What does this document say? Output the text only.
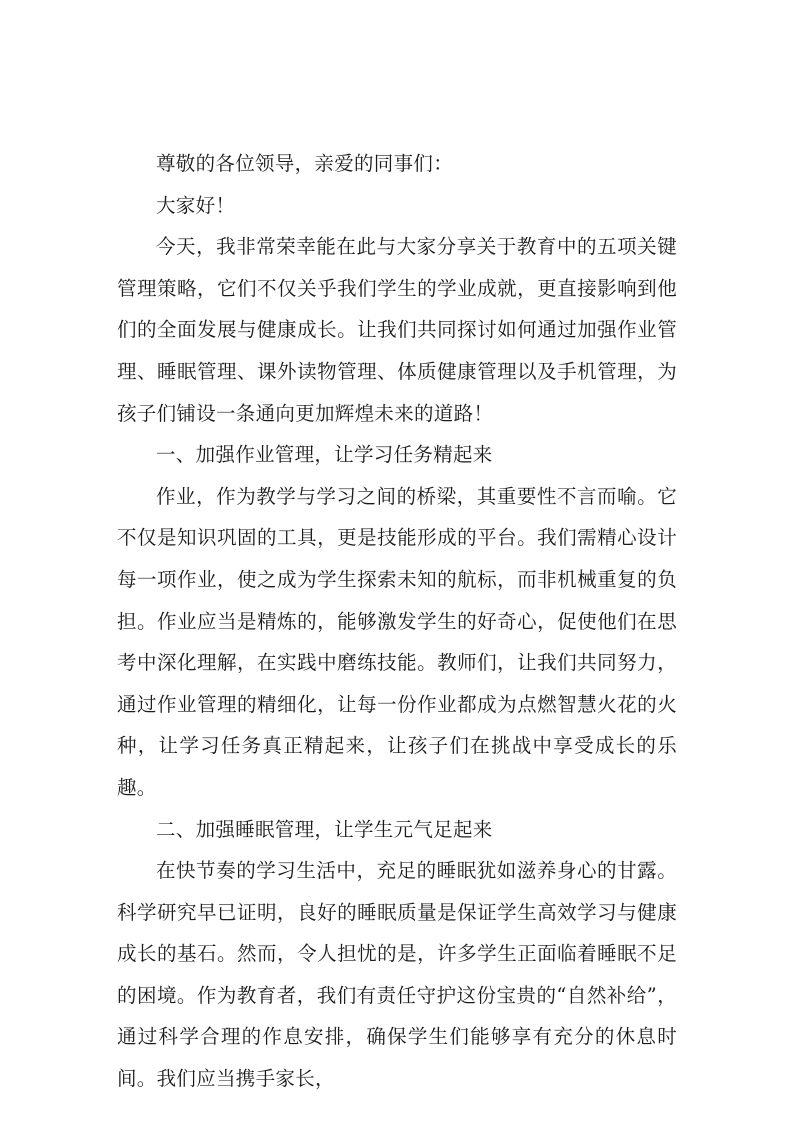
尊敬的各位领导，亲爱的同事们：

大家好！

今天，我非常荣幸能在此与大家分享关于教育中的五项关键管理策略，它们不仅关乎我们学生的学业成就，更直接影响到他们的全面发展与健康成长。让我们共同探讨如何通过加强作业管理、睡眠管理、课外读物管理、体质健康管理以及手机管理，为孩子们铺设一条通向更加辉煌未来的道路！

一、加强作业管理，让学习任务精起来

作业，作为教学与学习之间的桥梁，其重要性不言而喻。它不仅是知识巩固的工具，更是技能形成的平台。我们需精心设计每一项作业，使之成为学生探索未知的航标，而非机械重复的负担。作业应当是精炼的，能够激发学生的好奇心，促使他们在思考中深化理解，在实践中磨练技能。教师们，让我们共同努力，通过作业管理的精细化，让每一份作业都成为点燃智慧火花的火种，让学习任务真正精起来，让孩子们在挑战中享受成长的乐趣。

二、加强睡眠管理，让学生元气足起来

在快节奏的学习生活中，充足的睡眠犹如滋养身心的甘露。科学研究早已证明，良好的睡眠质量是保证学生高效学习与健康成长的基石。然而，令人担忧的是，许多学生正面临着睡眠不足的困境。作为教育者，我们有责任守护这份宝贵的“自然补给”，通过科学合理的作息安排，确保学生们能够享有充分的休息时间。我们应当携手家长，
